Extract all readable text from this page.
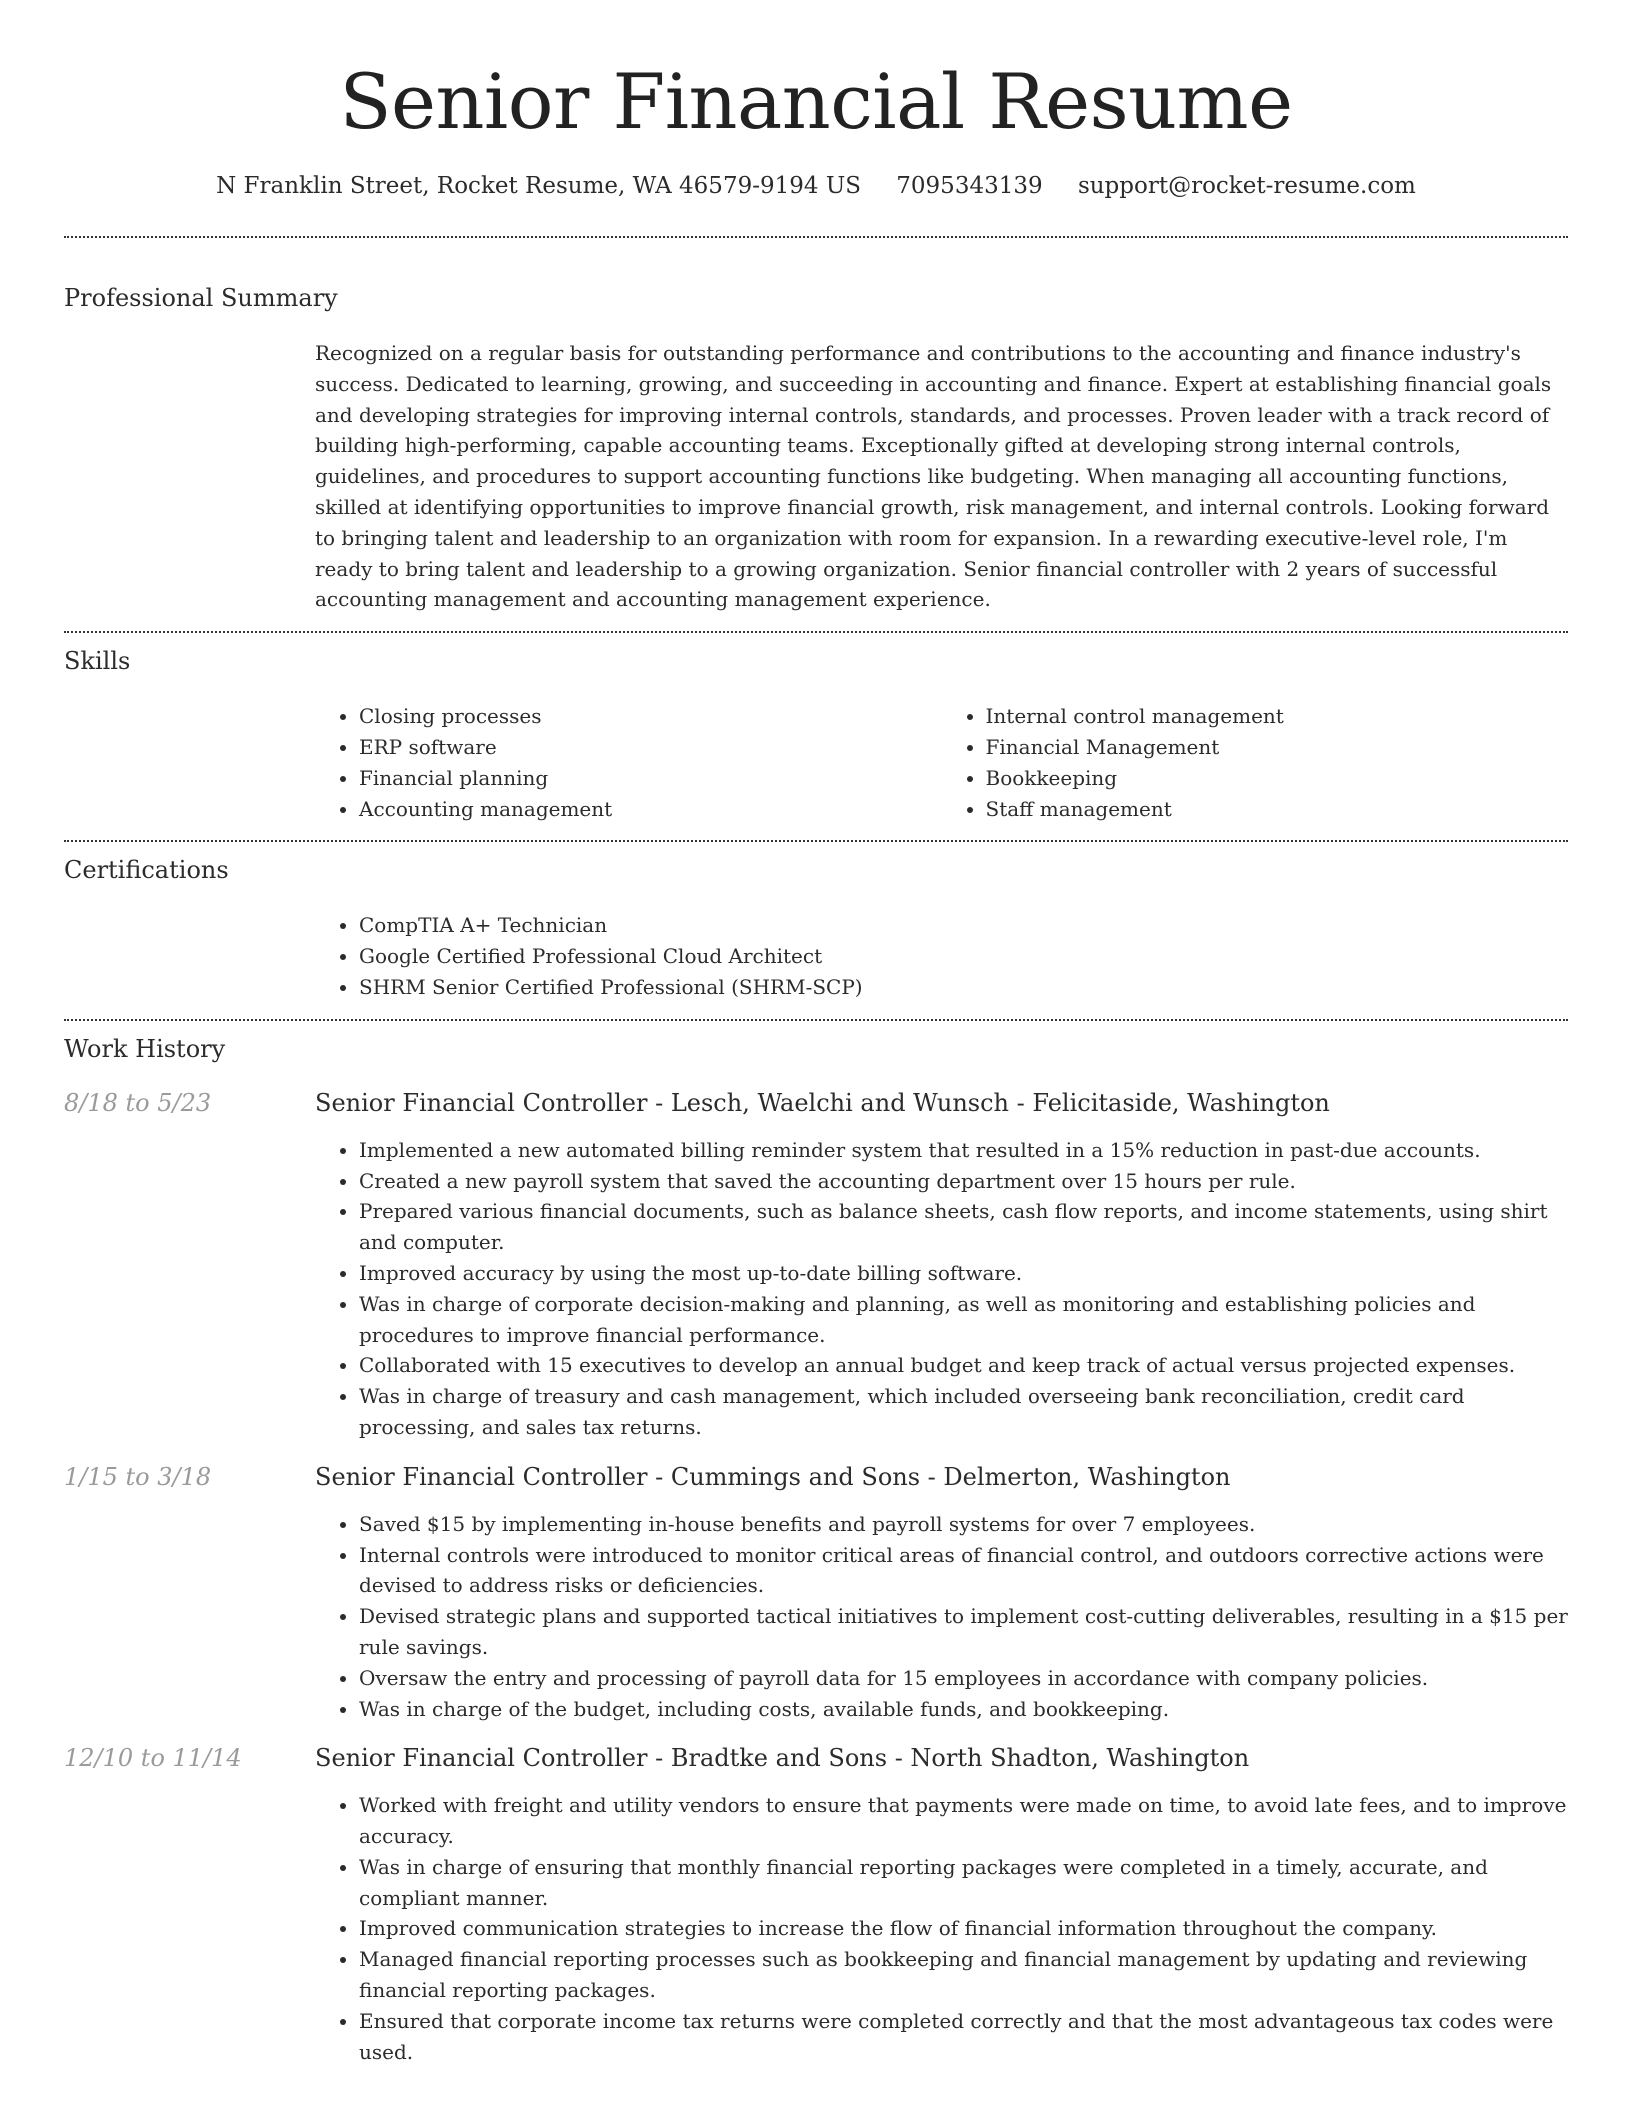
Senior Financial Resume
N Franklin Street, Rocket Resume, WA 46579-9194 US 7095343139 support@rocket-resume.com
Professional Summary
Recognized on a regular basis for outstanding performance and contributions to the accounting and finance industry's success. Dedicated to learning, growing, and succeeding in accounting and finance. Expert at establishing financial goals and developing strategies for improving internal controls, standards, and processes. Proven leader with a track record of building high-performing, capable accounting teams. Exceptionally gifted at developing strong internal controls, guidelines, and procedures to support accounting functions like budgeting. When managing all accounting functions, skilled at identifying opportunities to improve financial growth, risk management, and internal controls. Looking forward to bringing talent and leadership to an organization with room for expansion. In a rewarding executive-level role, I'm ready to bring talent and leadership to a growing organization. Senior financial controller with 2 years of successful accounting management and accounting management experience.
Skills
• Closing processes
• ERP software
• Financial planning
• Accounting management
• Internal control management
• Financial Management
• Bookkeeping
• Staff management
Certifications
• CompTIA A+ Technician
• Google Certified Professional Cloud Architect
• SHRM Senior Certified Professional (SHRM-SCP)
Work History
8/18 to 5/23	Senior Financial Controller - Lesch, Waelchi and Wunsch - Felicitaside, Washington
• Implemented a new automated billing reminder system that resulted in a 15% reduction in past-due accounts.
• Created a new payroll system that saved the accounting department over 15 hours per rule.
• Prepared various financial documents, such as balance sheets, cash flow reports, and income statements, using shirt and computer.
• Improved accuracy by using the most up-to-date billing software.
• Was in charge of corporate decision-making and planning, as well as monitoring and establishing policies and procedures to improve financial performance.
• Collaborated with 15 executives to develop an annual budget and keep track of actual versus projected expenses.
• Was in charge of treasury and cash management, which included overseeing bank reconciliation, credit card processing, and sales tax returns.
1/15 to 3/18	Senior Financial Controller - Cummings and Sons - Delmerton, Washington
• Saved $15 by implementing in-house benefits and payroll systems for over 7 employees.
• Internal controls were introduced to monitor critical areas of financial control, and outdoors corrective actions were devised to address risks or deficiencies.
• Devised strategic plans and supported tactical initiatives to implement cost-cutting deliverables, resulting in a $15 per rule savings.
• Oversaw the entry and processing of payroll data for 15 employees in accordance with company policies.
• Was in charge of the budget, including costs, available funds, and bookkeeping.
12/10 to 11/14	Senior Financial Controller - Bradtke and Sons - North Shadton, Washington
• Worked with freight and utility vendors to ensure that payments were made on time, to avoid late fees, and to improve accuracy.
• Was in charge of ensuring that monthly financial reporting packages were completed in a timely, accurate, and compliant manner.
• Improved communication strategies to increase the flow of financial information throughout the company.
• Managed financial reporting processes such as bookkeeping and financial management by updating and reviewing financial reporting packages.
• Ensured that corporate income tax returns were completed correctly and that the most advantageous tax codes were used.
